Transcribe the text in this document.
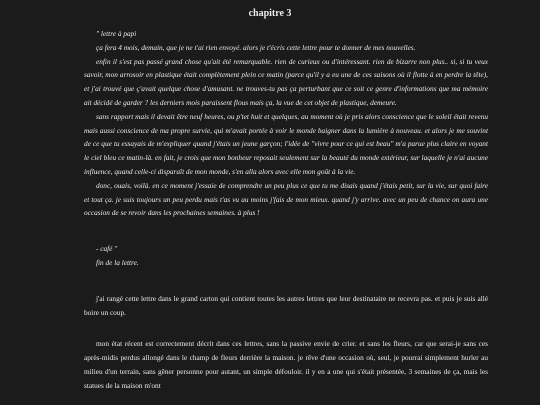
chapitre 3

" lettre à papi

ça fera 4 mois, demain, que je ne t'ai rien envoyé. alors je t'écris cette lettre pour te donner de mes nouvelles.

enfin il s'est pas passé grand chose qu'ait été remarquable. rien de curieux ou d'intéressant. rien de bizarre non plus.. si, si tu veux savoir, mon arrosoir en plastique était complètement plein ce matin (parce qu'il y a eu une de ces saisons où il flotte à en perdre la tête), et j'ai trouvé que ç'avait quelque chose d'amusant. ne trouves-tu pas ça perturbant que ce soit ce genre d'informations que ma mémoire ait décidé de garder ? les derniers mois paraissent flous mais ça, la vue de cet objet de plastique, demeure.

sans rapport mais il devait être neuf heures, ou p'tet huit et quelques, au moment où je pris alors conscience que le soleil était revenu mais aussi conscience de ma propre survie, qui m'avait portée à voir le monde baigner dans la lumière à nouveau. et alors je me souvint de ce que tu essayais de m'expliquer quand j'étais un jeune garçon; l'idée de "vivre pour ce qui est beau" m'a parue plus claire en voyant le ciel bleu ce matin-là. en fait, je crois que mon bonheur reposait seulement sur la beauté du monde extérieur, sur laquelle je n'ai aucune influence, quand celle-ci disparaît de mon monde, s'en alla alors avec elle mon goût à la vie.

donc, ouais, voilà. en ce moment j'essaie de comprendre un peu plus ce que tu me disais quand j'étais petit, sur la vie, sur quoi faire et tout ça. je suis toujours un peu perdu mais t'as vu au moins j'fais de mon mieux. quand j'y arrive. avec un peu de chance on aura une occasion de se revoir dans les prochaines semaines. à plus !

- café "

fin de la lettre.

j'ai rangé cette lettre dans le grand carton qui contient toutes les autres lettres que leur destinataire ne recevra pas. et puis je suis allé boire un coup.

mon état récent est correctement décrit dans ces lettres, sans la passive envie de crier. et sans les fleurs, car que serai-je sans ces après-midis perdus allongé dans le champ de fleurs derrière la maison. je rêve d'une occasion où, seul, je pourrai simplement hurler au milieu d'un terrain, sans gêner personne pour autant, un simple défouloir. il y en a une qui s'était présentée, 3 semaines de ça, mais les statues de la maison m'ont
